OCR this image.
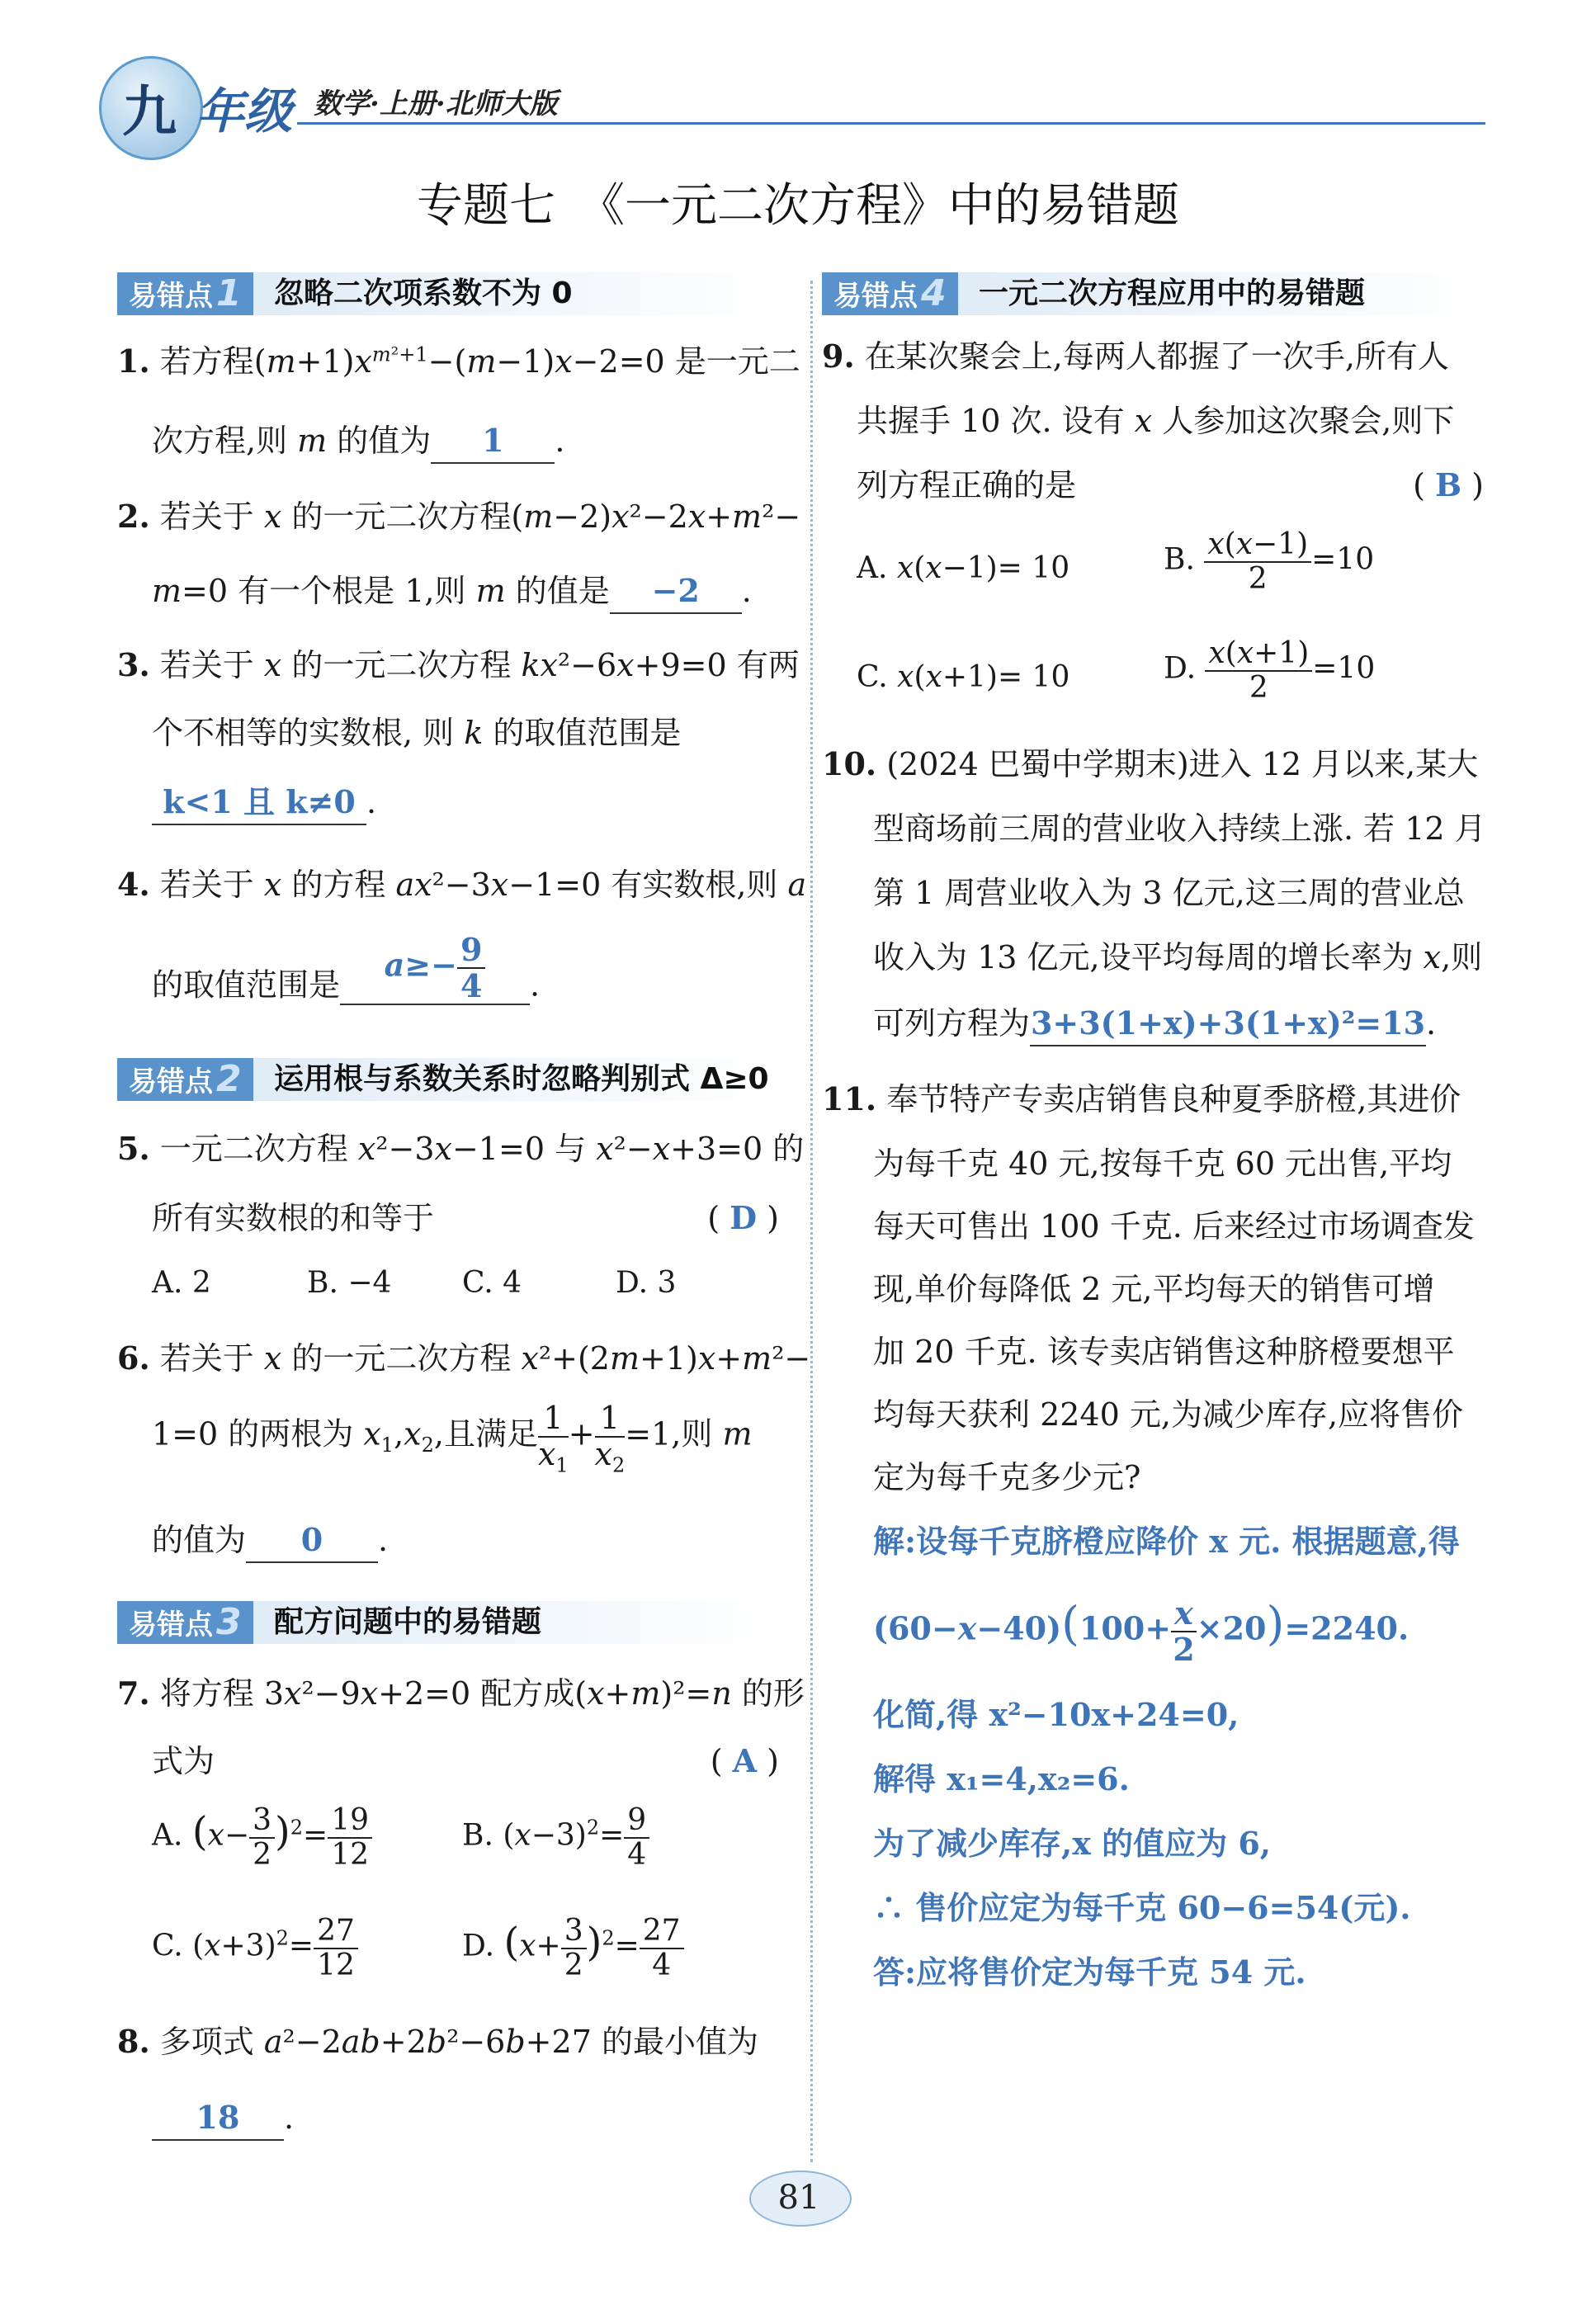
九 年级 数学·上册·北师大版
专题七　《一元二次方程》中的易错题
易错点1	忽略二次项系数不为 0
1. 若方程$(m+1)x^{m^2+1}-(m-1)x-2=0$ 是一元二
次方程,则 m 的值为 1 .
2. 若关于 x 的一元二次方程(m−2)x²−2x+m²−
m=0 有一个根是 1,则 m 的值是 −2 .
3. 若关于 x 的一元二次方程 kx²−6x+9=0 有两
个不相等的实数根, 则 k 的取值范围是
k<1 且 k≠0 .
4. 若关于 x 的方程 ax²−3x−1=0 有实数根,则 a
的取值范围是$a\ge- \frac{9}{4}$ .
易错点2	运用根与系数关系时忽略判别式 Δ≥0
5. 一元二次方程 x²−3x−1=0 与 x²−x+3=0 的
所有实数根的和等于	( D )
A. 2	B. −4 C. 4	D. 3
6. 若关于 x 的一元二次方程 x²+(2m+1)x+m²−
1=0 的两根为 $x_1,x_2$,且满足 $\frac{1}{x_1} + \frac{1}{x_2} =1$,则 m
的值为 0 .
易错点3	配方问题中的易错题
7. 将方程 3x²−9x+2=0 配方成(x+m)²=n 的形
式为	( A )
A. $(x- \frac{3}{2} )^2= \frac{19}{12}$	B. $(x-3)^2= \frac{9}{4}$
C. $(x+3)^2= \frac{27}{12}$	D. $(x+ \frac{3}{2} )^2= \frac{27}{4}$
8. 多项式 a²−2ab+2b²−6b+27 的最小值为
18 .
易错点4	一元二次方程应用中的易错题
9. 在某次聚会上,每两人都握了一次手,所有人
共握手 10 次. 设有 x 人参加这次聚会,则下
列方程正确的是	( B )
A. x(x−1)= 10	B. $\frac{x(x-1)}{2} =10$
C. x(x+1)= 10	D. $\frac{x(x+1)}{2} =10$
10. (2024 巴蜀中学期末)进入 12 月以来,某大
型商场前三周的营业收入持续上涨. 若 12 月
第 1 周营业收入为 3 亿元,这三周的营业总
收入为 13 亿元,设平均每周的增长率为 x,则
可列方程为3+3(1+x)+3(1+x)²=13.
11. 奉节特产专卖店销售良种夏季脐橙,其进价
为每千克 40 元,按每千克 60 元出售,平均
每天可售出 100 千克. 后来经过市场调查发
现,单价每降低 2 元,平均每天的销售可增
加 20 千克. 该专卖店销售这种脐橙要想平
均每天获利 2240 元,为减少库存,应将售价
定为每千克多少元?
解:设每千克脐橙应降价 x 元. 根据题意,得
$(60-x-40)(100+ \frac{x}{2} \times 20)=2240$.
化简,得 x²−10x+24=0,
解得 x₁=4,x₂=6.
为了减少库存,x 的值应为 6,
∴ 售价应定为每千克 60−6=54(元).
答:应将售价定为每千克 54 元.
81
